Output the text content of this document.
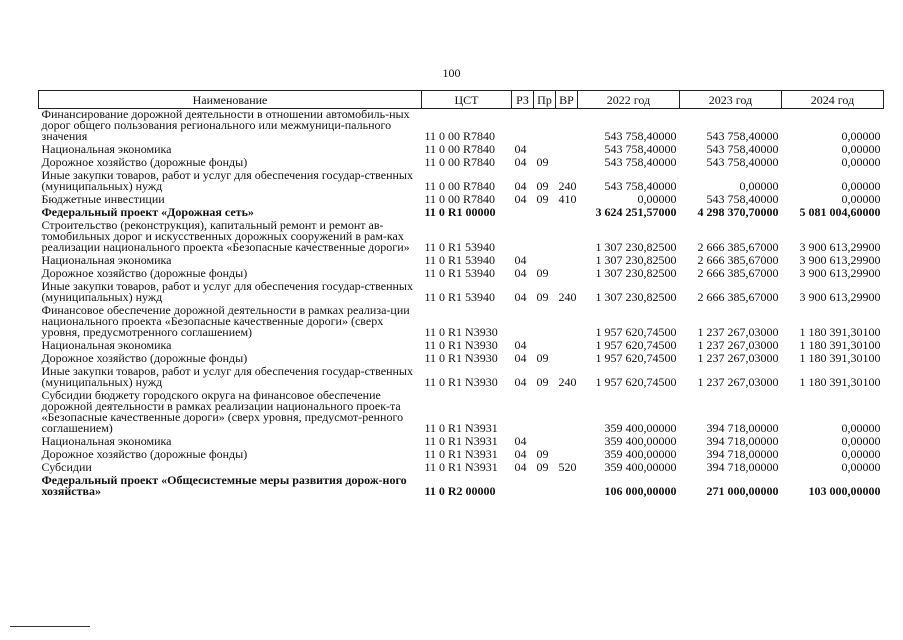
100
Наименование	ЦСТ	РЗ	Пр	ВР	2022 год	2023 год	2024 год
Финансирование дорожной деятельности в отношении автомобиль-ных дорог общего пользования регионального или межмуници-пального значения	11 0 00 R7840				543 758,40000	543 758,40000	0,00000
Национальная экономика	11 0 00 R7840	04			543 758,40000	543 758,40000	0,00000
Дорожное хозяйство (дорожные фонды)	11 0 00 R7840	04	09		543 758,40000	543 758,40000	0,00000
Иные закупки товаров, работ и услуг для обеспечения государ-ственных (муниципальных) нужд	11 0 00 R7840	04	09	240	543 758,40000	0,00000	0,00000
Бюджетные инвестиции	11 0 00 R7840	04	09	410	0,00000	543 758,40000	0,00000
Федеральный проект «Дорожная сеть»	11 0 R1 00000				3 624 251,57000	4 298 370,70000	5 081 004,60000
Строительство (реконструкция), капитальный ремонт и ремонт ав-томобильных дорог и искусственных дорожных сооружений в рам-ках реализации национального проекта «Безопасные качественные дороги»	11 0 R1 53940				1 307 230,82500	2 666 385,67000	3 900 613,29900
Национальная экономика	11 0 R1 53940	04			1 307 230,82500	2 666 385,67000	3 900 613,29900
Дорожное хозяйство (дорожные фонды)	11 0 R1 53940	04	09		1 307 230,82500	2 666 385,67000	3 900 613,29900
Иные закупки товаров, работ и услуг для обеспечения государ-ственных (муниципальных) нужд	11 0 R1 53940	04	09	240	1 307 230,82500	2 666 385,67000	3 900 613,29900
Финансовое обеспечение дорожной деятельности в рамках реализа-ции национального проекта «Безопасные качественные дороги» (сверх уровня, предусмотренного соглашением)	11 0 R1 N3930				1 957 620,74500	1 237 267,03000	1 180 391,30100
Национальная экономика	11 0 R1 N3930	04			1 957 620,74500	1 237 267,03000	1 180 391,30100
Дорожное хозяйство (дорожные фонды)	11 0 R1 N3930	04	09		1 957 620,74500	1 237 267,03000	1 180 391,30100
Иные закупки товаров, работ и услуг для обеспечения государ-ственных (муниципальных) нужд	11 0 R1 N3930	04	09	240	1 957 620,74500	1 237 267,03000	1 180 391,30100
Субсидии бюджету городского округа на финансовое обеспечение дорожной деятельности в рамках реализации национального проек-та «Безопасные качественные дороги» (сверх уровня, предусмот-ренного соглашением)	11 0 R1 N3931				359 400,00000	394 718,00000	0,00000
Национальная экономика	11 0 R1 N3931	04			359 400,00000	394 718,00000	0,00000
Дорожное хозяйство (дорожные фонды)	11 0 R1 N3931	04	09		359 400,00000	394 718,00000	0,00000
Субсидии	11 0 R1 N3931	04	09	520	359 400,00000	394 718,00000	0,00000
Федеральный проект «Общесистемные меры развития дорож-ного хозяйства»	11 0 R2 00000				106 000,00000	271 000,00000	103 000,00000
